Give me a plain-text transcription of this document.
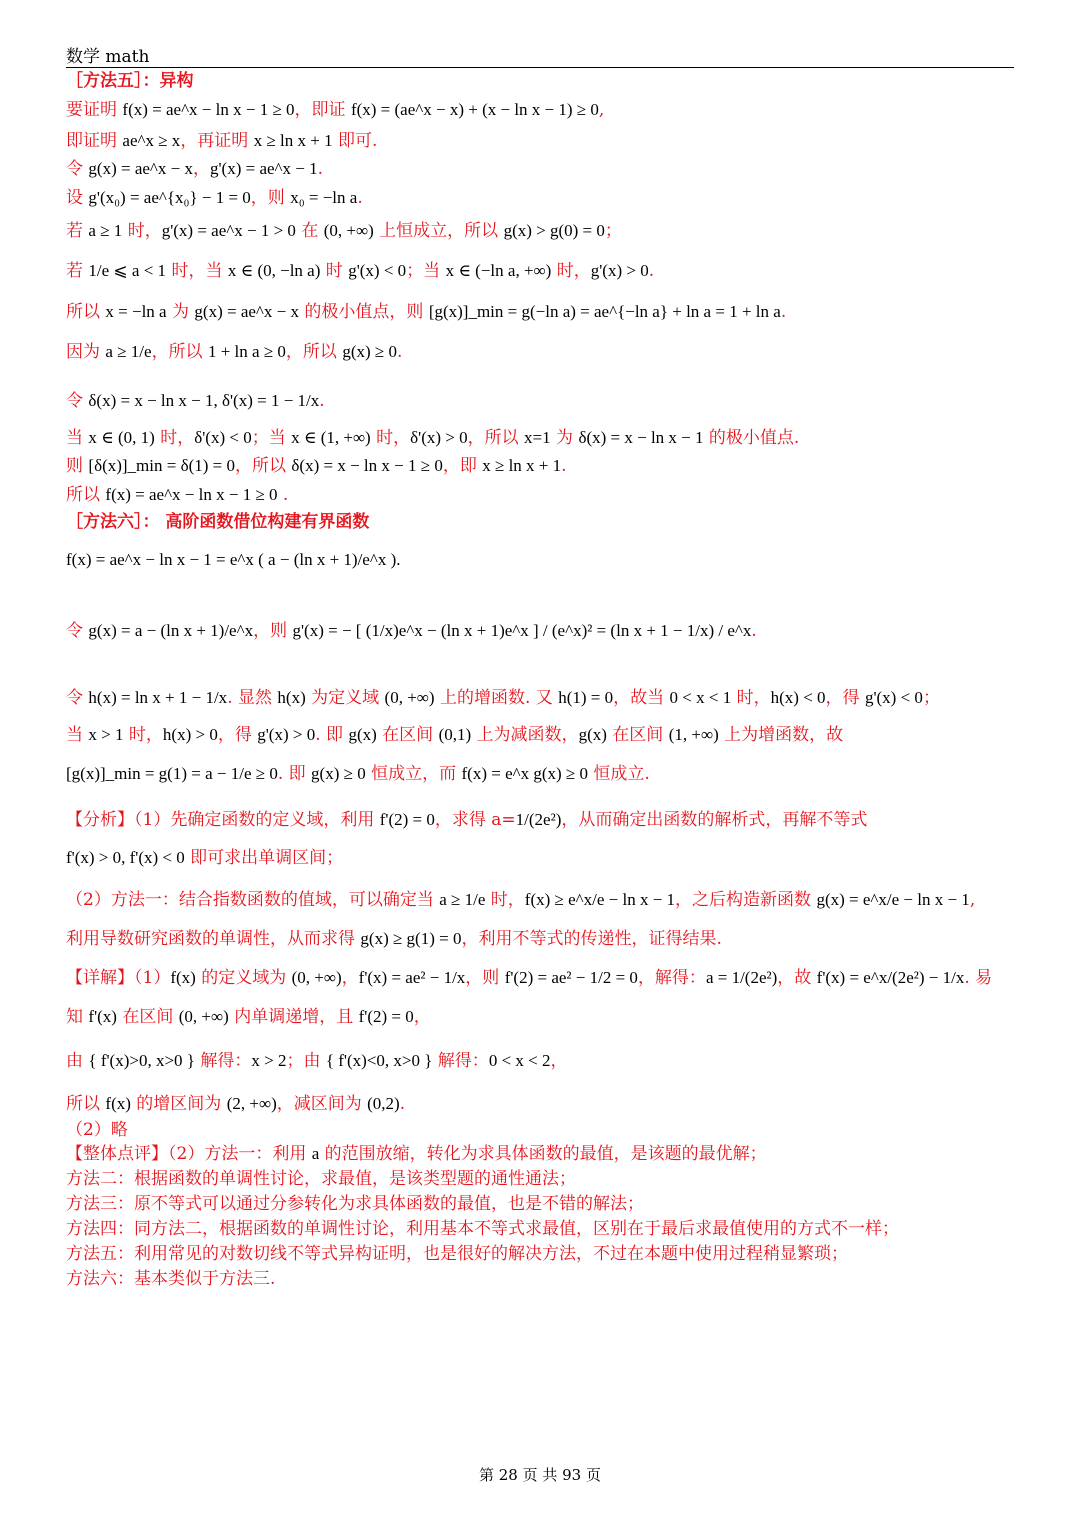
数学 math
［方法五］：异构
要证明 f(x) = ae^x − ln x − 1 ≥ 0，即证 f(x) = (ae^x − x) + (x − ln x − 1) ≥ 0,
即证明 ae^x ≥ x，再证明 x ≥ ln x + 1 即可.
令 g(x) = ae^x − x，g'(x) = ae^x − 1.
设 g'(x₀) = ae^{x₀} − 1 = 0，则 x₀ = −ln a.
若 a ≥ 1 时，g'(x) = ae^x − 1 > 0 在 (0, +∞) 上恒成立，所以 g(x) > g(0) = 0；
若 1/e ⩽ a < 1 时，当 x ∈ (0, −ln a) 时 g'(x) < 0；当 x ∈ (−ln a, +∞) 时，g'(x) > 0.
所以 x = −ln a 为 g(x) = ae^x − x 的极小值点，则 [g(x)]_min = g(−ln a) = ae^{−ln a} + ln a = 1 + ln a.
因为 a ≥ 1/e，所以 1 + ln a ≥ 0，所以 g(x) ≥ 0.
令 δ(x) = x − ln x − 1, δ'(x) = 1 − 1/x.
当 x ∈ (0, 1) 时，δ'(x) < 0；当 x ∈ (1, +∞) 时，δ'(x) > 0，所以 x=1 为 δ(x) = x − ln x − 1 的极小值点.
则 [δ(x)]_min = δ(1) = 0，所以 δ(x) = x − ln x − 1 ≥ 0，即 x ≥ ln x + 1.
所以 f(x) = ae^x − ln x − 1 ≥ 0 .
［方法六］： 高阶函数借位构建有界函数
f(x) = ae^x − ln x − 1 = e^x ( a − (ln x + 1)/e^x ).
令 g(x) = a − (ln x + 1)/e^x，则 g'(x) = − [ (1/x)e^x − (ln x + 1)e^x ] / (e^x)² = (ln x + 1 − 1/x) / e^x.
令 h(x) = ln x + 1 − 1/x. 显然 h(x) 为定义域 (0, +∞) 上的增函数. 又 h(1) = 0，故当 0 < x < 1 时，h(x) < 0，得 g'(x) < 0；
当 x > 1 时，h(x) > 0，得 g'(x) > 0. 即 g(x) 在区间 (0,1) 上为减函数，g(x) 在区间 (1, +∞) 上为增函数，故
[g(x)]_min = g(1) = a − 1/e ≥ 0. 即 g(x) ≥ 0 恒成立，而 f(x) = e^x g(x) ≥ 0 恒成立.
【分析】（1）先确定函数的定义域，利用 f'(2) = 0，求得 a=1/(2e²)，从而确定出函数的解析式，再解不等式
f'(x) > 0, f'(x) < 0 即可求出单调区间；
（2）方法一：结合指数函数的值域，可以确定当 a ≥ 1/e 时，f(x) ≥ e^x/e − ln x − 1，之后构造新函数 g(x) = e^x/e − ln x − 1,
利用导数研究函数的单调性，从而求得 g(x) ≥ g(1) = 0，利用不等式的传递性，证得结果.
【详解】（1）f(x) 的定义域为 (0, +∞)，f'(x) = ae² − 1/x，则 f'(2) = ae² − 1/2 = 0，解得：a = 1/(2e²)，故 f'(x) = e^x/(2e²) − 1/x. 易
知 f'(x) 在区间 (0, +∞) 内单调递增，且 f'(2) = 0，
由 { f'(x)>0, x>0 } 解得：x > 2；由 { f'(x)<0, x>0 } 解得：0 < x < 2，
所以 f(x) 的增区间为 (2, +∞)，减区间为 (0,2).
（2）略
【整体点评】（2）方法一：利用 a 的范围放缩，转化为求具体函数的最值，是该题的最优解；
方法二：根据函数的单调性讨论，求最值，是该类型题的通性通法；
方法三：原不等式可以通过分参转化为求具体函数的最值，也是不错的解法；
方法四：同方法二，根据函数的单调性讨论，利用基本不等式求最值，区别在于最后求最值使用的方式不一样；
方法五：利用常见的对数切线不等式异构证明，也是很好的解决方法，不过在本题中使用过程稍显繁琐；
方法六：基本类似于方法三.
第 28 页 共 93 页
